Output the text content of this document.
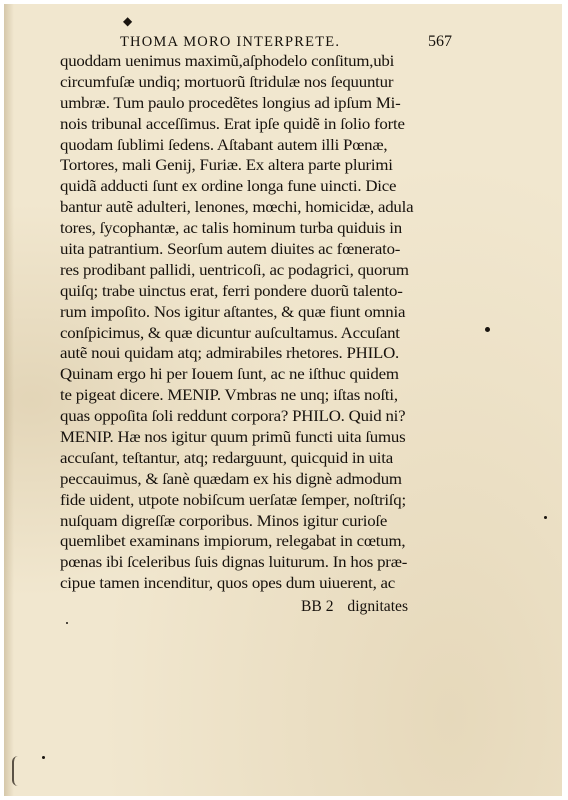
◆
THOMA MORO INTERPRETE.	567
quoddam uenimus maximũ,aſphodelo conſitum,ubi
circumfuſæ undiq; mortuorũ ſtridulæ nos ſequuntur
umbræ. Tum paulo procedẽtes longius ad ipſum Mi-
nois tribunal acceſſimus. Erat ipſe quidẽ in ſolio forte
quodam ſublimi ſedens. Aſtabant autem illi Pœnæ,
Tortores, mali Genij, Furiæ. Ex altera parte plurimi
quidã adducti ſunt ex ordine longa fune uincti. Dice
bantur autẽ adulteri, lenones, mœchi, homicidæ, adula
tores, ſycophantæ, ac talis hominum turba quiduis in
uita patrantium. Seorſum autem diuites ac fœnerato-
res prodibant pallidi, uentricoſi, ac podagrici, quorum
quiſq; trabe uinctus erat, ferri pondere duorũ talento-
rum impoſito. Nos igitur aſtantes, & quæ fiunt omnia
conſpicimus, & quæ dicuntur auſcultamus. Accuſant
autẽ noui quidam atq; admirabiles rhetores. PHILO.
Quinam ergo hi per Iouem ſunt, ac ne iſthuc quidem
te pigeat dicere. MENIP. Vmbras ne unq; iſtas noſti,
quas oppoſita ſoli reddunt corpora? PHILO. Quid ni?
MENIP. Hæ nos igitur quum primũ functi uita ſumus
accuſant, teſtantur, atq; redarguunt, quicquid in uita
peccauimus, & ſanè quædam ex his dignè admodum
fide uident, utpote nobiſcum uerſatæ ſemper, noſtriſq;
nuſquam digreſſæ corporibus. Minos igitur curioſe
quemlibet examinans impiorum, relegabat in cœtum,
pœnas ibi ſceleribus ſuis dignas luiturum. In hos præ-
cipue tamen incenditur, quos opes dum uiuerent, ac
BB 2 dignitates
